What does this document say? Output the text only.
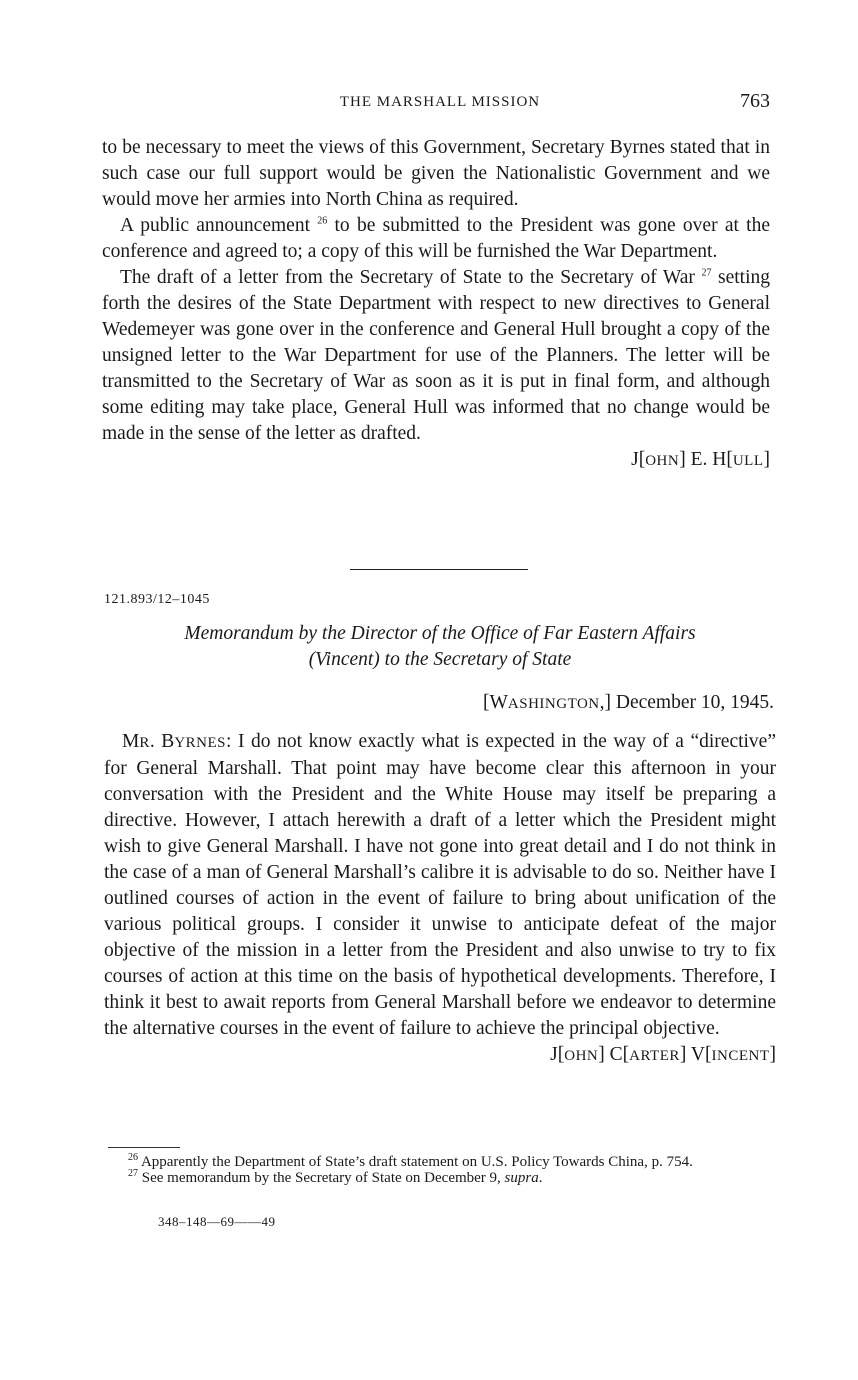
THE MARSHALL MISSION	763

to be necessary to meet the views of this Government, Secretary Byrnes stated that in such case our full support would be given the Nationalistic Government and we would move her armies into North China as required.

A public announcement $^{26}$ to be submitted to the President was gone over at the conference and agreed to; a copy of this will be furnished the War Department.

The draft of a letter from the Secretary of State to the Secretary of War $^{27}$ setting forth the desires of the State Department with respect to new directives to General Wedemeyer was gone over in the conference and General Hull brought a copy of the unsigned letter to the War Department for use of the Planners. The letter will be transmitted to the Secretary of War as soon as it is put in final form, and although some editing may take place, General Hull was informed that no change would be made in the sense of the letter as drafted.

J[OHN] E. H[ULL]

121.893/12–1045
Memorandum by the Director of the Office of Far Eastern Affairs
(Vincent) to the Secretary of State
[WASHINGTON,] December 10, 1945.

MR. BYRNES: I do not know exactly what is expected in the way of a “directive” for General Marshall. That point may have become clear this afternoon in your conversation with the President and the White House may itself be preparing a directive. However, I attach herewith a draft of a letter which the President might wish to give General Marshall. I have not gone into great detail and I do not think in the case of a man of General Marshall’s calibre it is advisable to do so. Neither have I outlined courses of action in the event of failure to bring about unification of the various political groups. I consider it unwise to anticipate defeat of the major objective of the mission in a letter from the President and also unwise to try to fix courses of action at this time on the basis of hypothetical developments. Therefore, I think it best to await reports from General Marshall before we endeavor to determine the alternative courses in the event of failure to achieve the principal objective.

J[OHN] C[ARTER] V[INCENT]

$^{26}$ Apparently the Department of State’s draft statement on U.S. Policy Towards China, p. 754.

$^{27}$ See memorandum by the Secretary of State on December 9, supra.

348–148—69——49
